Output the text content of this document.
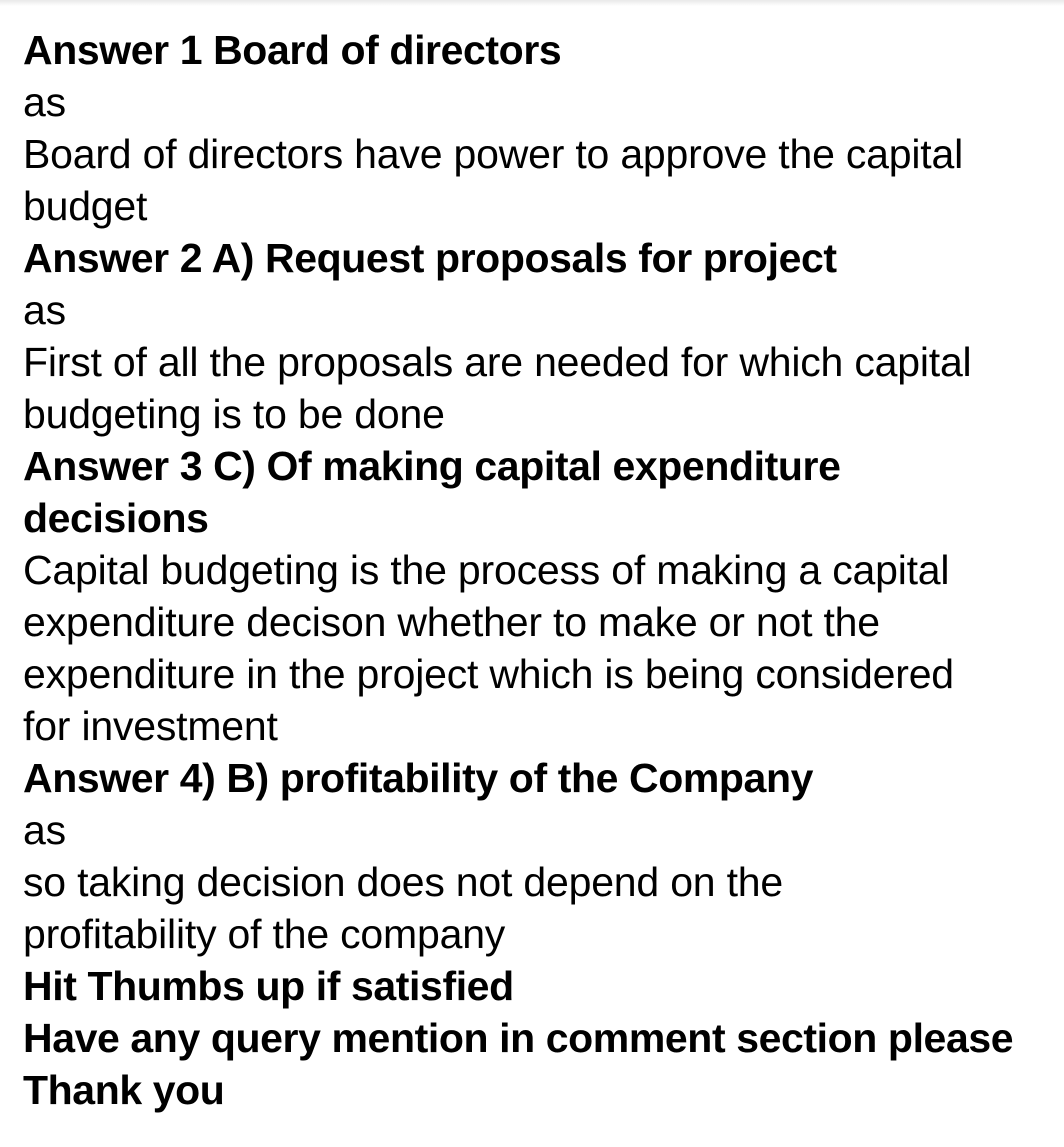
Answer 1 Board of directors
as
Board of directors have power to approve the capital
budget
Answer 2 A) Request proposals for project
as
First of all the proposals are needed for which capital
budgeting is to be done
Answer 3 C) Of making capital expenditure
decisions
Capital budgeting is the process of making a capital
expenditure decison whether to make or not the
expenditure in the project which is being considered
for investment
Answer 4) B) profitability of the Company
as
so taking decision does not depend on the
profitability of the company
Hit Thumbs up if satisfied
Have any query mention in comment section please
Thank you
